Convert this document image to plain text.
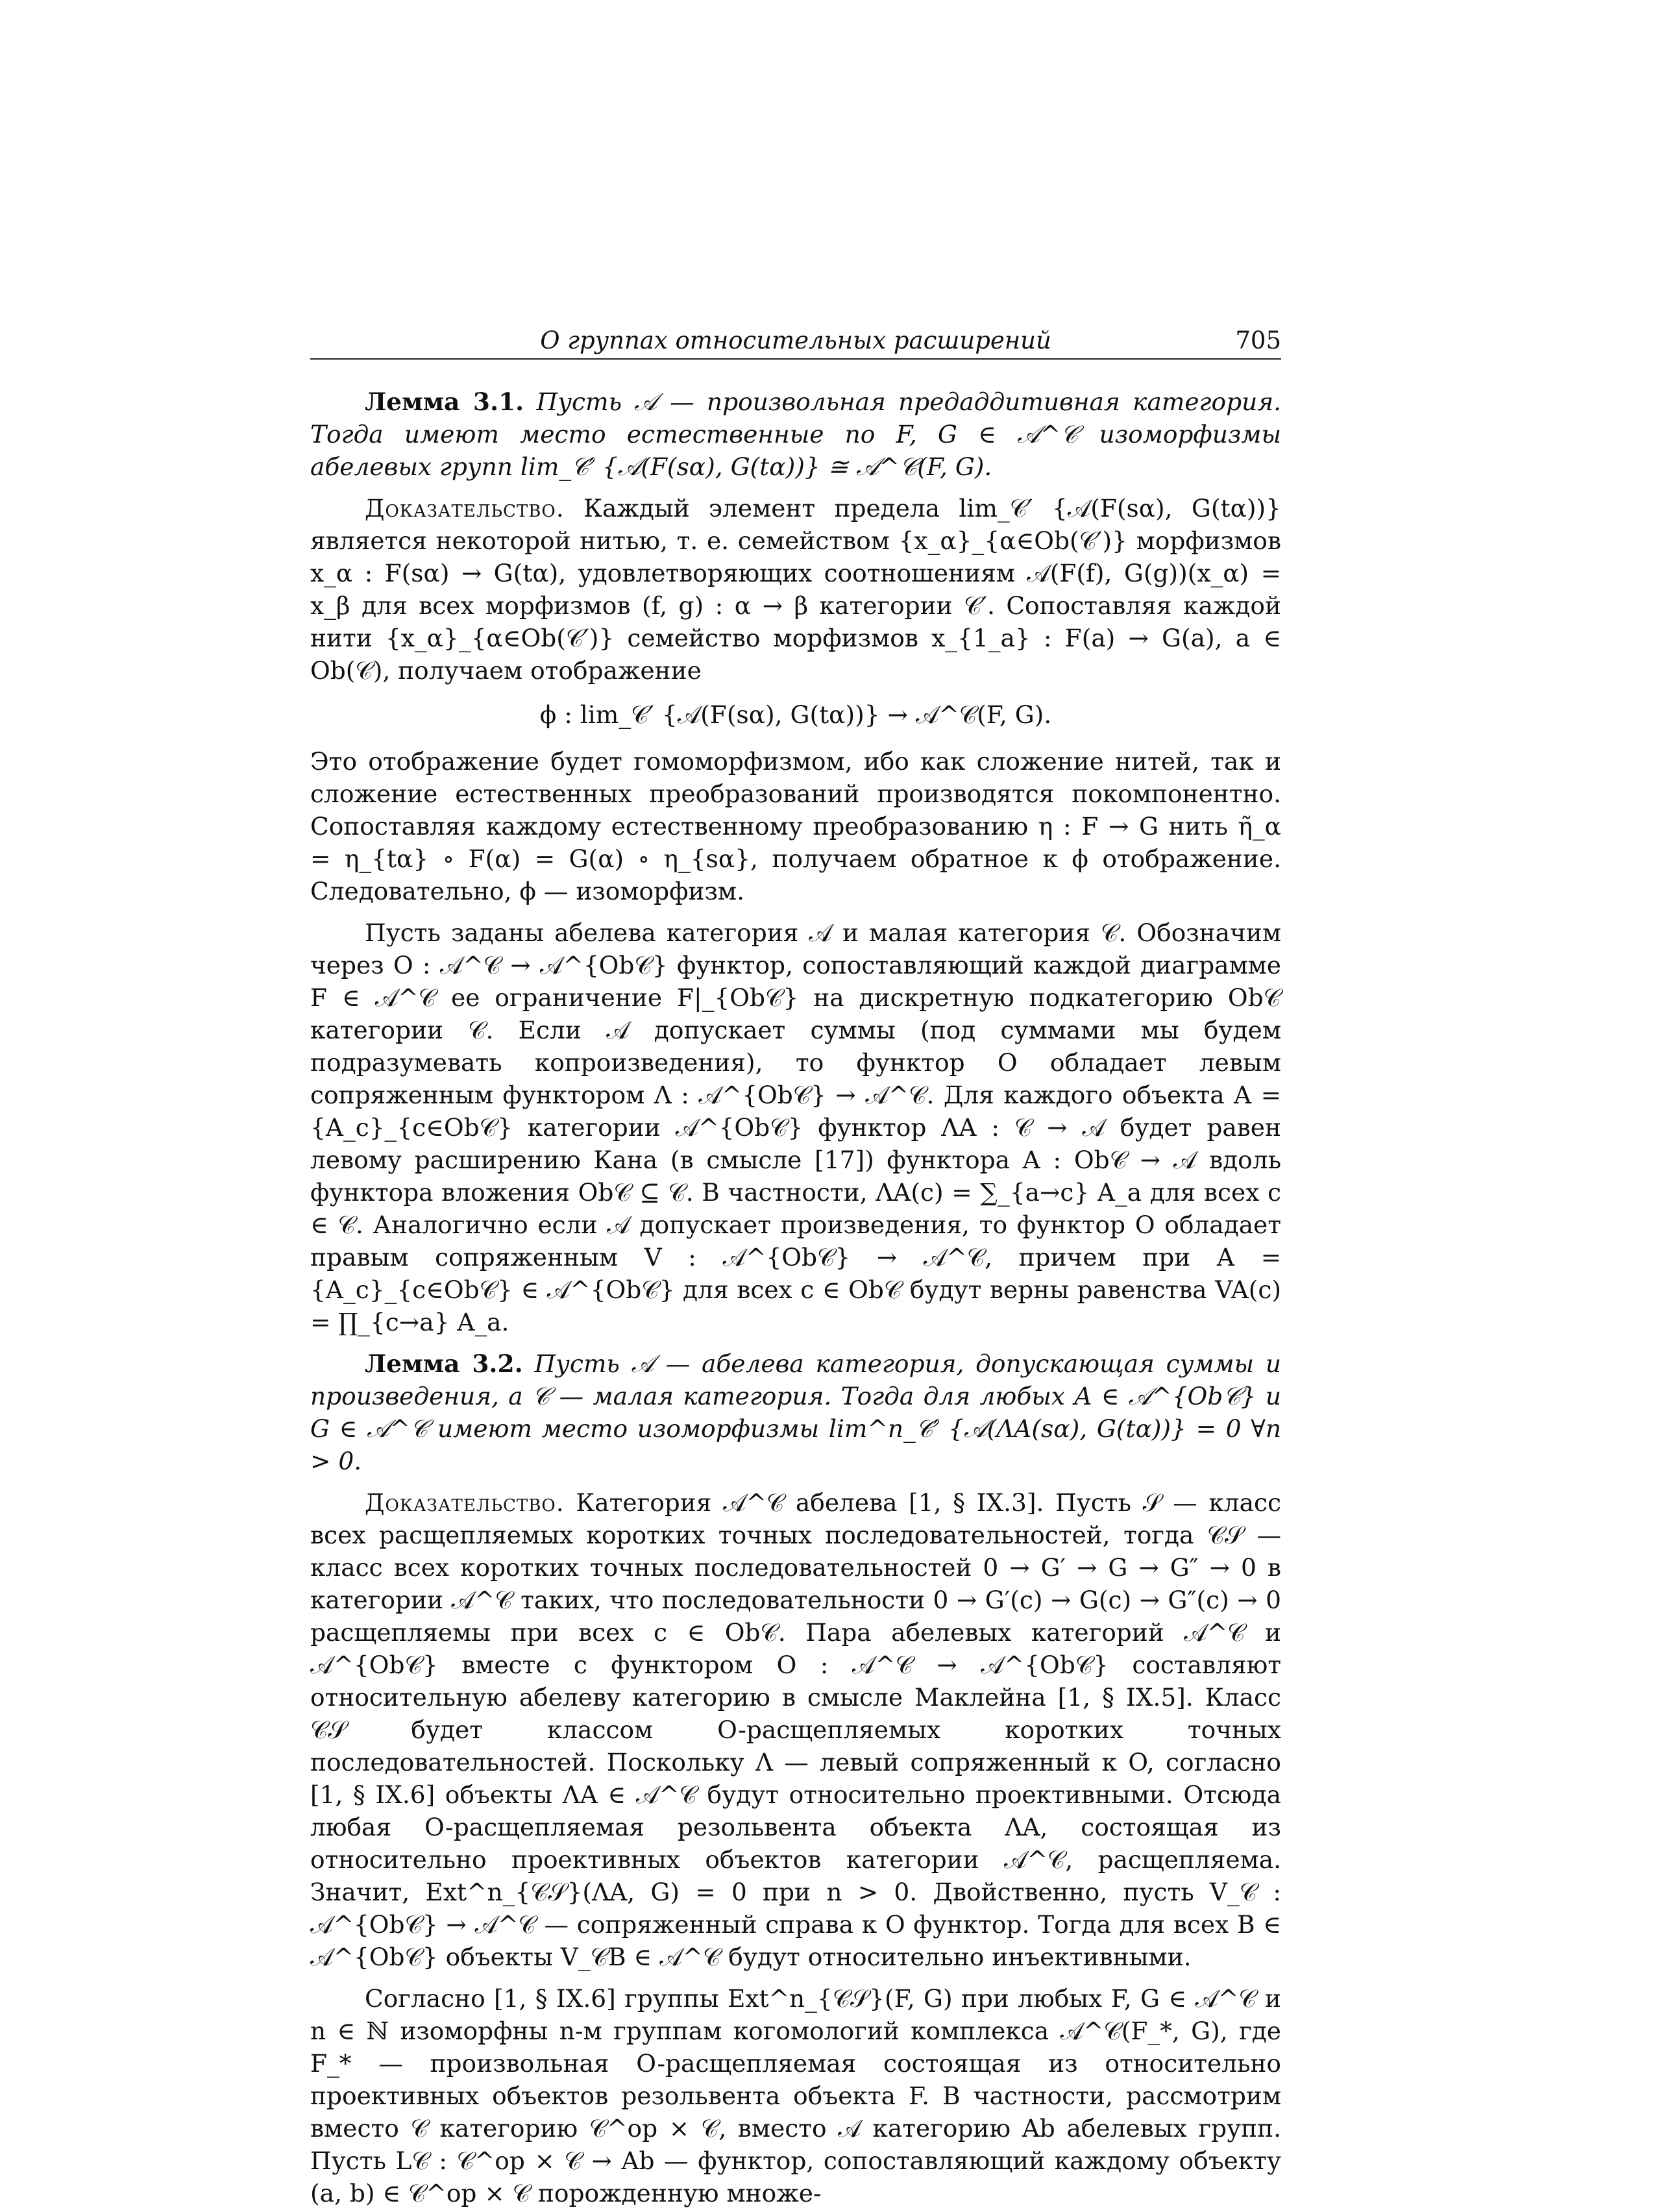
О группах относительных расширений	705

Лемма 3.1. Пусть 𝒜 — произвольная предаддитивная категория. Тогда имеют место естественные по F, G ∈ 𝒜^𝒞 изоморфизмы абелевых групп lim_𝒞′ {𝒜(F(sα), G(tα))} ≅ 𝒜^𝒞(F, G).

Доказательство. Каждый элемент предела lim_𝒞′ {𝒜(F(sα), G(tα))} является некоторой нитью, т. е. семейством {x_α}_{α∈Ob(𝒞′)} морфизмов x_α : F(sα) → G(tα), удовлетворяющих соотношениям 𝒜(F(f), G(g))(x_α) = x_β для всех морфизмов (f, g) : α → β категории 𝒞′. Сопоставляя каждой нити {x_α}_{α∈Ob(𝒞′)} семейство морфизмов x_{1_a} : F(a) → G(a), a ∈ Ob(𝒞), получаем отображение

ϕ : lim_𝒞′ {𝒜(F(sα), G(tα))} → 𝒜^𝒞(F, G).

Это отображение будет гомоморфизмом, ибо как сложение нитей, так и сложение естественных преобразований производятся покомпонентно. Сопоставляя каждому естественному преобразованию η : F → G нить η̃_α = η_{tα} ∘ F(α) = G(α) ∘ η_{sα}, получаем обратное к ϕ отображение. Следовательно, ϕ — изоморфизм.

Пусть заданы абелева категория 𝒜 и малая категория 𝒞. Обозначим через O : 𝒜^𝒞 → 𝒜^{Ob𝒞} функтор, сопоставляющий каждой диаграмме F ∈ 𝒜^𝒞 ее ограничение F|_{Ob𝒞} на дискретную подкатегорию Ob𝒞 категории 𝒞. Если 𝒜 допускает суммы (под суммами мы будем подразумевать копроизведения), то функтор O обладает левым сопряженным функтором Λ : 𝒜^{Ob𝒞} → 𝒜^𝒞. Для каждого объекта A = {A_c}_{c∈Ob𝒞} категории 𝒜^{Ob𝒞} функтор ΛA : 𝒞 → 𝒜 будет равен левому расширению Кана (в смысле [17]) функтора A : Ob𝒞 → 𝒜 вдоль функтора вложения Ob𝒞 ⊆ 𝒞. В частности, ΛA(c) = ∑_{a→c} A_a для всех c ∈ 𝒞. Аналогично если 𝒜 допускает произведения, то функтор O обладает правым сопряженным V : 𝒜^{Ob𝒞} → 𝒜^𝒞, причем при A = {A_c}_{c∈Ob𝒞} ∈ 𝒜^{Ob𝒞} для всех c ∈ Ob𝒞 будут верны равенства VA(c) = ∏_{c→a} A_a.

Лемма 3.2. Пусть 𝒜 — абелева категория, допускающая суммы и произведения, а 𝒞 — малая категория. Тогда для любых A ∈ 𝒜^{Ob𝒞} и G ∈ 𝒜^𝒞 имеют место изоморфизмы lim^n_𝒞′ {𝒜(ΛA(sα), G(tα))} = 0 ∀n > 0.

Доказательство. Категория 𝒜^𝒞 абелева [1, § IX.3]. Пусть 𝒮 — класс всех расщепляемых коротких точных последовательностей, тогда 𝒞𝒮 — класс всех коротких точных последовательностей 0 → G′ → G → G″ → 0 в категории 𝒜^𝒞 таких, что последовательности 0 → G′(c) → G(c) → G″(c) → 0 расщепляемы при всех c ∈ Ob𝒞. Пара абелевых категорий 𝒜^𝒞 и 𝒜^{Ob𝒞} вместе с функтором O : 𝒜^𝒞 → 𝒜^{Ob𝒞} составляют относительную абелеву категорию в смысле Маклейна [1, § IX.5]. Класс 𝒞𝒮 будет классом O-расщепляемых коротких точных последовательностей. Поскольку Λ — левый сопряженный к O, согласно [1, § IX.6] объекты ΛA ∈ 𝒜^𝒞 будут относительно проективными. Отсюда любая O-расщепляемая резольвента объекта ΛA, состоящая из относительно проективных объектов категории 𝒜^𝒞, расщепляема. Значит, Ext^n_{𝒞𝒮}(ΛA, G) = 0 при n > 0. Двойственно, пусть V_𝒞 : 𝒜^{Ob𝒞} → 𝒜^𝒞 — сопряженный справа к O функтор. Тогда для всех B ∈ 𝒜^{Ob𝒞} объекты V_𝒞B ∈ 𝒜^𝒞 будут относительно инъективными.

Согласно [1, § IX.6] группы Ext^n_{𝒞𝒮}(F, G) при любых F, G ∈ 𝒜^𝒞 и n ∈ ℕ изоморфны n-м группам когомологий комплекса 𝒜^𝒞(F_*, G), где F_* — произвольная O-расщепляемая состоящая из относительно проективных объектов резольвента объекта F. В частности, рассмотрим вместо 𝒞 категорию 𝒞^op × 𝒞, вместо 𝒜 категорию Ab абелевых групп. Пусть L𝒞 : 𝒞^op × 𝒞 → Ab — функтор, сопоставляющий каждому объекту (a, b) ∈ 𝒞^op × 𝒞 порожденную множе-
